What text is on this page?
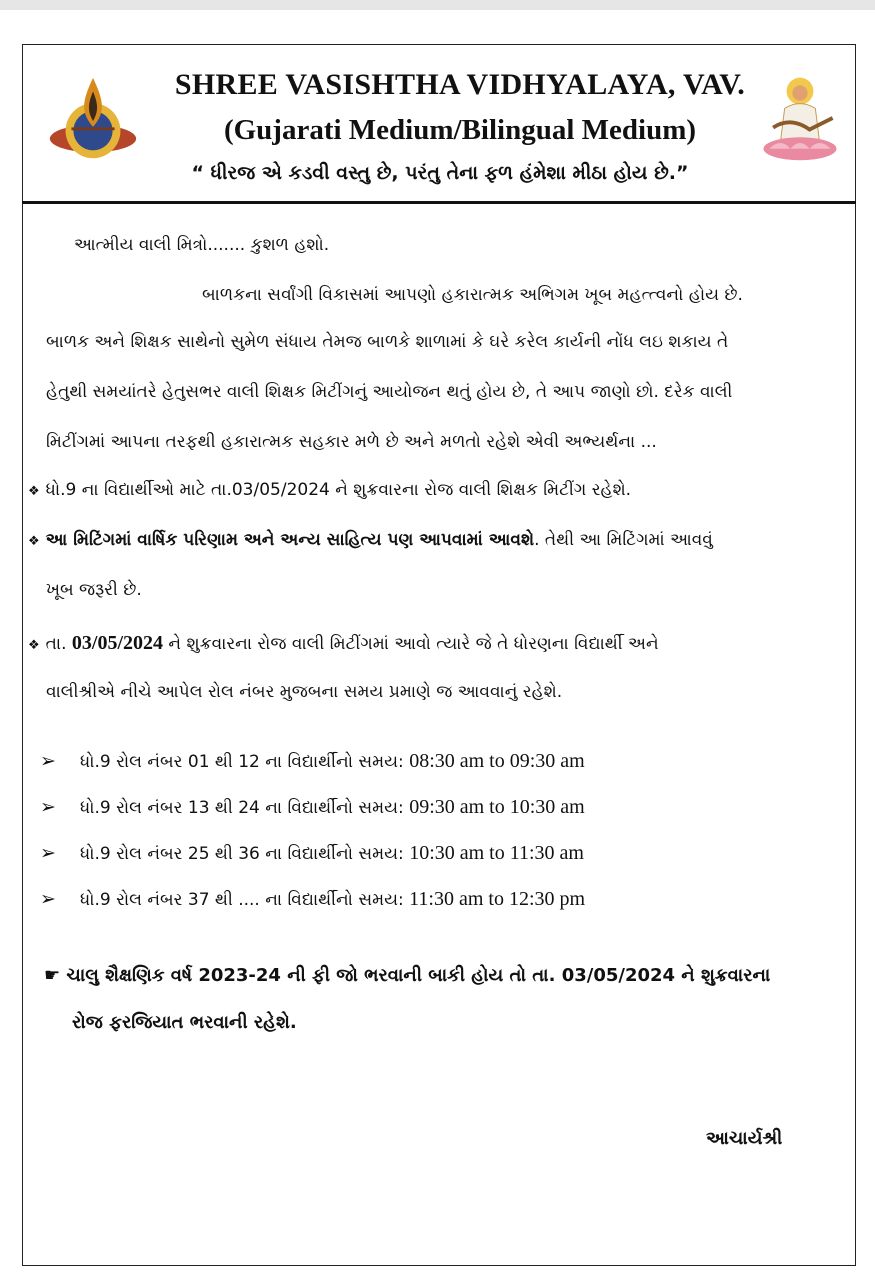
SHREE VASISHTHA VIDHYALAYA, VAV.
(Gujarati Medium/Bilingual Medium)
“ ધીરજ એ કડવી વસ્તુ છે, પરંતુ તેના ફળ હંમેશા મીઠા હોય છે.”
આત્મીય વાલી મિત્રો....... કુશળ હશો.
બાળકના સર્વાંગી વિકાસમાં આપણો હકારાત્મક અભિગમ ખૂબ મહત્ત્વનો હોય છે.
બાળક અને શિક્ષક સાથેનો સુમેળ સંધાય તેમજ બાળકે શાળામાં કે ઘરે કરેલ કાર્યની નોંધ લઇ શકાય તે
હેતુથી સમયાંતરે હેતુસભર વાલી શિક્ષક મિટીંગનું આયોજન થતું હોય છે, તે આપ જાણો છો. દરેક વાલી
મિટીંગમાં આપના તરફથી હકારાત્મક સહકાર મળે છે અને મળતો રહેશે એવી અભ્યર્થના ...
❖ ધો.9 ના વિદ્યાર્થીઓ માટે તા.03/05/2024 ને શુક્રવારના રોજ વાલી શિક્ષક મિટીંગ રહેશે.
❖ આ મિટિંગમાં વાર્ષિક પરિણામ અને અન્ય સાહિત્ય પણ આપવામાં આવશે. તેથી આ મિટિંગમાં આવવું
ખૂબ જરૂરી છે.
❖ તા. 03/05/2024 ને શુક્રવારના રોજ વાલી મિટીંગમાં આવો ત્યારે જે તે ધોરણના વિદ્યાર્થી અને
વાલીશ્રીએ નીચે આપેલ રોલ નંબર મુજબના સમય પ્રમાણે જ આવવાનું રહેશે.
➢ ધો.9 રોલ નંબર 01 થી 12 ના વિદ્યાર્થીનો સમય: 08:30 am to 09:30 am
➢ ધો.9 રોલ નંબર 13 થી 24 ના વિદ્યાર્થીનો સમય: 09:30 am to 10:30 am
➢ ધો.9 રોલ નંબર 25 થી 36 ના વિદ્યાર્થીનો સમય: 10:30 am to 11:30 am
➢ ધો.9 રોલ નંબર 37 થી .... ના વિદ્યાર્થીનો સમય: 11:30 am to 12:30 pm
☛ ચાલુ શૈક્ષણિક વર્ષ 2023-24 ની ફી જો ભરવાની બાકી હોય તો તા. 03/05/2024 ને શુક્રવારના
રોજ ફરજિયાત ભરવાની રહેશે.
આચાર્યશ્રી
